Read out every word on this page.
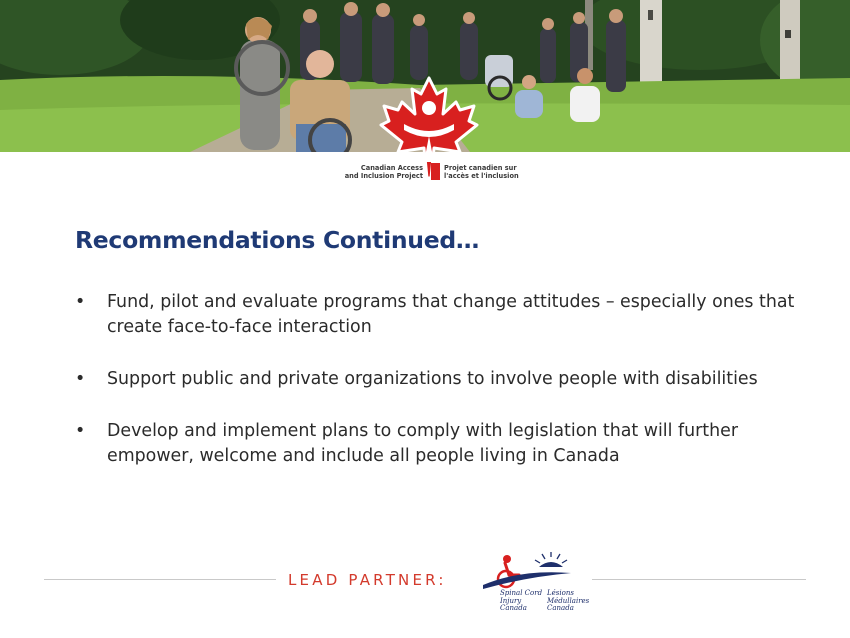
Canadian Access
and Inclusion Project
Projet canadien sur
l'accès et l'inclusion
Recommendations Continued…
• Fund, pilot and evaluate programs that change attitudes – especially ones that create face-to-face interaction
• Support public and private organizations to involve people with disabilities
• Develop and implement plans to comply with legislation that will further empower, welcome and include all people living in Canada
LEAD PARTNER:
Spinal Cord
Injury
Canada
Lésions
Médullaires
Canada
